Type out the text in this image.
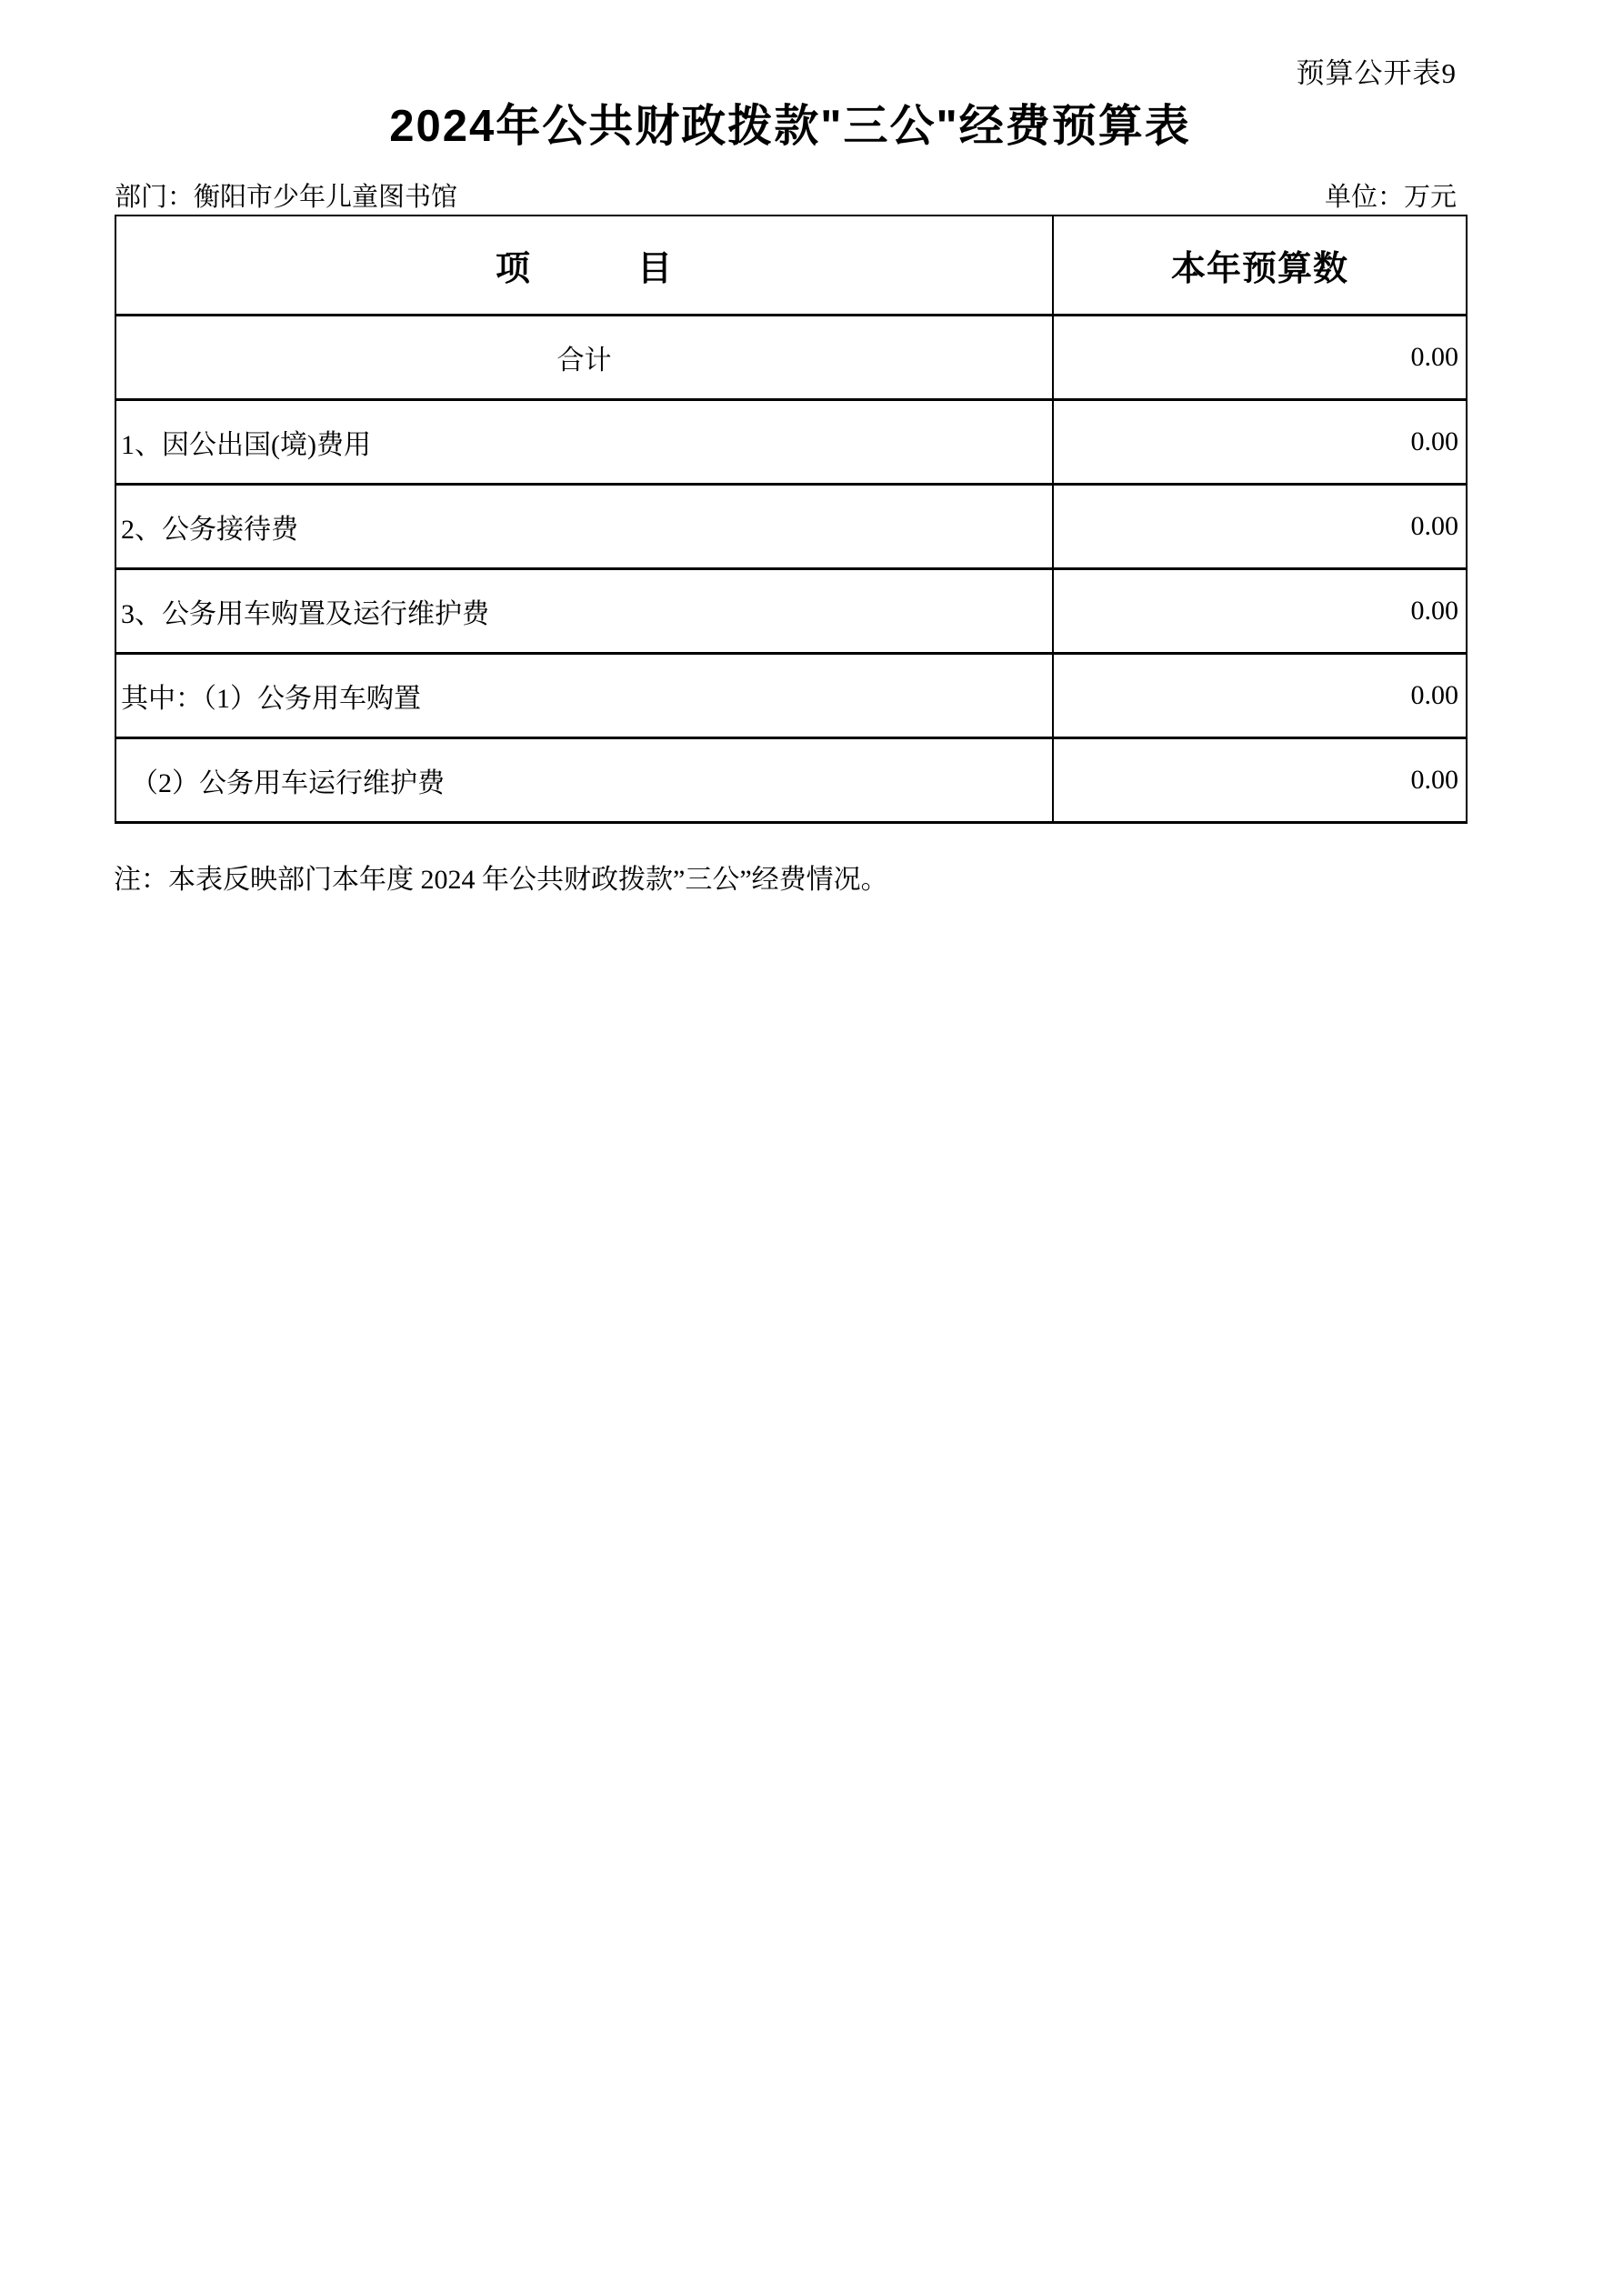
预算公开表9
2024年公共财政拨款"三公"经费预算表
部门：衡阳市少年儿童图书馆	单位：万元
项　　　目	本年预算数
合计	0.00
1、因公出国(境)费用	0.00
2、公务接待费	0.00
3、公务用车购置及运行维护费	0.00
其中：（1）公务用车购置	0.00
（2）公务用车运行维护费	0.00
注：本表反映部门本年度 2024 年公共财政拨款”三公”经费情况。
